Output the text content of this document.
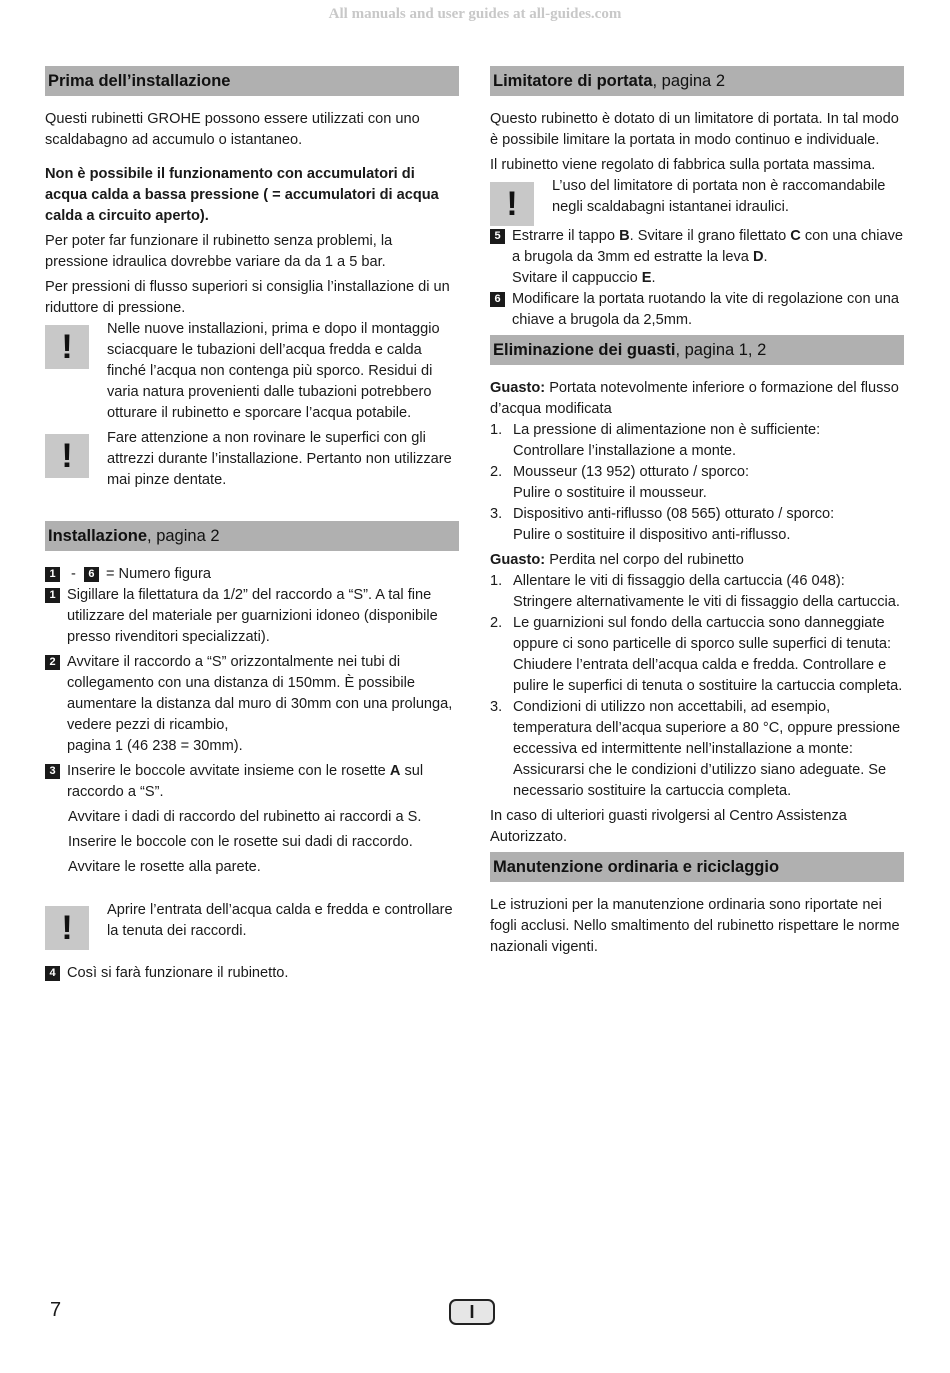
All manuals and user guides at all-guides.com
Prima dell’installazione

Questi rubinetti GROHE possono essere utilizzati con uno scaldabagno ad accumulo o istantaneo.

Non è possibile il funzionamento con accumulatori di acqua calda a bassa pressione ( = accumulatori di acqua calda a circuito aperto).

Per poter far funzionare il rubinetto senza problemi, la pressione idraulica dovrebbe variare da da 1 a 5 bar.

Per pressioni di flusso superiori si consiglia l’installazione di un riduttore di pressione.

!	Nelle nuove installazioni, prima e dopo il montaggio sciacquare le tubazioni dell’acqua fredda e calda finché l’acqua non contenga più sporco. Residui di varia natura provenienti dalle tubazioni potrebbero otturare il rubinetto e sporcare l’acqua potabile.
!	Fare attenzione a non rovinare le superfici con gli attrezzi durante l’installazione. Pertanto non utilizzare mai pinze dentate.
Installazione, pagina 2
1 - 6 = Numero figura
1 Sigillare la filettatura da 1/2” del raccordo a “S”. A tal fine utilizzare del materiale per guarnizioni idoneo (disponibile presso rivenditori specializzati).
2 Avvitare il raccordo a “S” orizzontalmente nei tubi di collegamento con una distanza di 150mm. È possibile aumentare la distanza dal muro di 30mm con una prolunga, vedere pezzi di ricambio,
pagina 1 (46 238 = 30mm).
3 Inserire le boccole avvitate insieme con le rosette A sul raccordo a “S”.

Avvitare i dadi di raccordo del rubinetto ai raccordi a S.

Inserire le boccole con le rosette sui dadi di raccordo.

Avvitare le rosette alla parete.

!	Aprire l’entrata dell’acqua calda e fredda e controllare la tenuta dei raccordi.
4 Così si farà funzionare il rubinetto.
Limitatore di portata, pagina 2

Questo rubinetto è dotato di un limitatore di portata. In tal modo è possibile limitare la portata in modo continuo e individuale.

Il rubinetto viene regolato di fabbrica sulla portata massima.

!	L’uso del limitatore di portata non è raccomandabile negli scaldabagni istantanei idraulici.
5 Estrarre il tappo B. Svitare il grano filettato C con una chiave a brugola da 3mm ed estratte la leva D.
Svitare il cappuccio E.
6 Modificare la portata ruotando la vite di regolazione con una chiave a brugola da 2,5mm.
Eliminazione dei guasti, pagina 1, 2

Guasto: Portata notevolmente inferiore o formazione del flusso d’acqua modificata

1. La pressione di alimentazione non è sufficiente:
Controllare l’installazione a monte.
2. Mousseur (13 952) otturato / sporco:
Pulire o sostituire il mousseur.
3. Dispositivo anti-riflusso (08 565) otturato / sporco:
Pulire o sostituire il dispositivo anti-riflusso.

Guasto: Perdita nel corpo del rubinetto

1. Allentare le viti di fissaggio della cartuccia (46 048):
Stringere alternativamente le viti di fissaggio della cartuccia.
2. Le guarnizioni sul fondo della cartuccia sono danneggiate oppure ci sono particelle di sporco sulle superfici di tenuta:
Chiudere l’entrata dell’acqua calda e fredda. Controllare e pulire le superfici di tenuta o sostituire la cartuccia completa.
3. Condizioni di utilizzo non accettabili, ad esempio, temperatura dell’acqua superiore a 80 °C, oppure pressione eccessiva ed intermittente nell’installazione a monte:
Assicurarsi che le condizioni d’utilizzo siano adeguate. Se necessario sostituire la cartuccia completa.

In caso di ulteriori guasti rivolgersi al Centro Assistenza Autorizzato.

Manutenzione ordinaria e riciclaggio

Le istruzioni per la manutenzione ordinaria sono riportate nei fogli acclusi. Nello smaltimento del rubinetto rispettare le norme nazionali vigenti.

7	I
